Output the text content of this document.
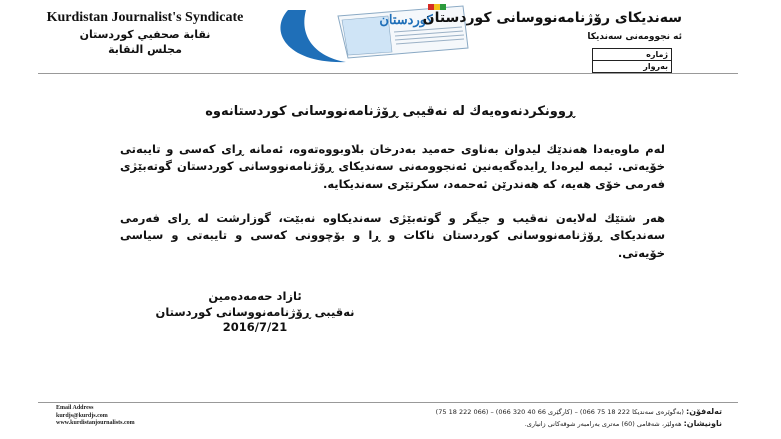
Kurdistan Journalist's Syndicate
نقابة صحفيي كوردستان
مجلس النقابة
كوردستان
سەندیکای رۆژنامەنووسانی كوردستان
ئە نجوومەنی سەندیكا
ژمارە
بەروار
ڕوونکردنەوەیەك لە نەقیبی ڕۆژنامەنووسانی کوردستانەوە
لەم ماوەیەدا هەندێك لیدوان بەناوی حەمید بەدرخان بلاوبووەتەوە، ئەمانە ڕای کەسی و تایبەتی خۆیەتی. ئیمە لیرەدا ڕایدەگەیەنین ئەنجوومەنی سەندیکای ڕۆژنامەنووسانی کوردستان گوتەبێژی فەرمی خۆی هەیە، کە هەندرێن ئەحمەد، سکرتێری سەندیکایە.
هەر شتێك لەلایەن نەقیب و جیگر و گوتەبێژی سەندیکاوە نەبێت، گوزارشت لە ڕای فەرمی سەندیکای ڕۆژنامەنووسانی کوردستان ناکات و ڕا و بۆچوونی کەسی و تایبەتی و سیاسی خۆیەتی.
ئازاد حەمەدەمین
نەقیبی ڕۆژنامەنووسانی کوردستان
2016/7/21
Email Address
kurdjs@kurdjs.com
www.kurdistanjournalists.com
تەلەفۆن: (بەگوێرەی سەندیکا 222 18 75 066) – (کارگێری 66 40 320 066) – (066 222 18 75)
ناونیشان: هەولێر، شەقامی (60) مەتری بەرامبەر شوقەکانی زانیاری.
